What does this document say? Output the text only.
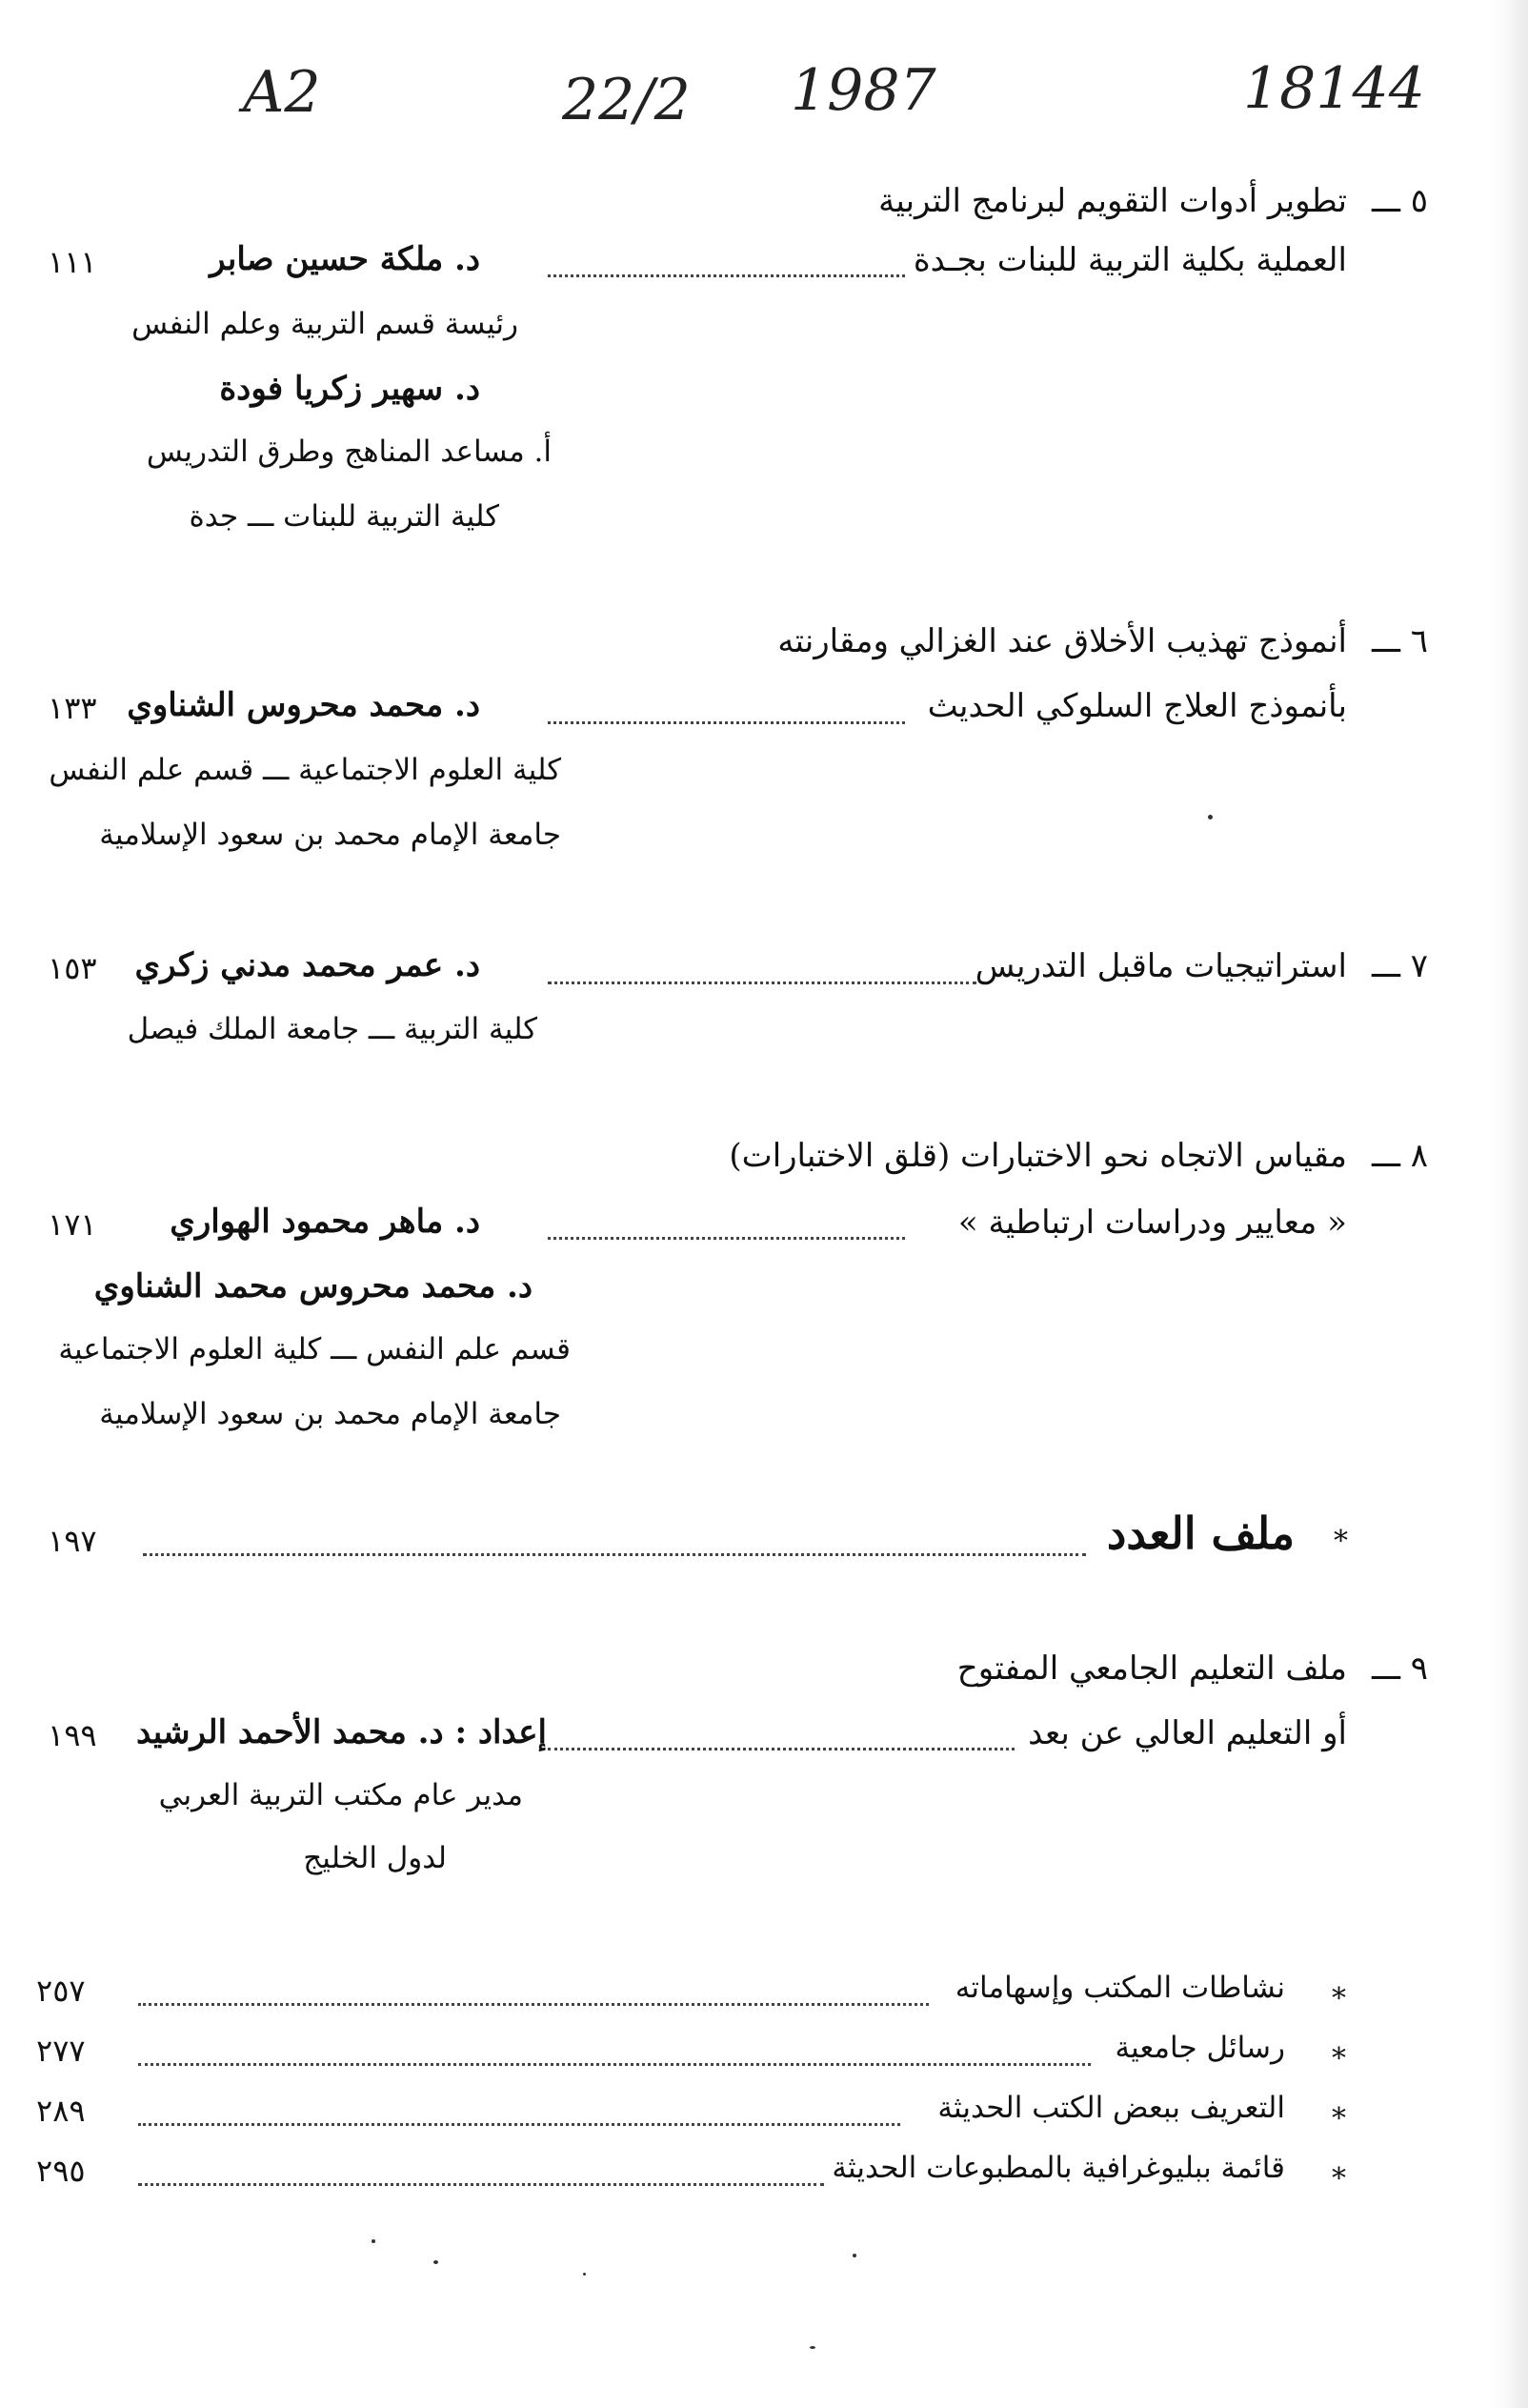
A2	22/2 1987	18144
٥ ـــ
تطوير أدوات التقويم لبرنامج التربية
العملية بكلية التربية للبنات بجـدة
د. ملكة حسين صابر
١١١
رئيسة قسم التربية وعلم النفس
د. سهير زكريا فودة
أ. مساعد المناهج وطرق التدريس
كلية التربية للبنات ـــ جدة
٦ ـــ
أنموذج تهذيب الأخلاق عند الغزالي ومقارنته
بأنموذج العلاج السلوكي الحديث
د. محمد محروس الشناوي
١٣٣
كلية العلوم الاجتماعية ـــ قسم علم النفس
جامعة الإمام محمد بن سعود الإسلامية
٧ ـــ
استراتيجيات ماقبل التدريس
د. عمر محمد مدني زكري
١٥٣
كلية التربية ـــ جامعة الملك فيصل
٨ ـــ
مقياس الاتجاه نحو الاختبارات (قلق الاختبارات)
« معايير ودراسات ارتباطية »
د. ماهر محمود الهواري
١٧١
د. محمد محروس محمد الشناوي
قسم علم النفس ـــ كلية العلوم الاجتماعية
جامعة الإمام محمد بن سعود الإسلامية
*
ملف العدد
١٩٧
٩ ـــ
ملف التعليم الجامعي المفتوح
أو التعليم العالي عن بعد
إعداد : د. محمد الأحمد الرشيد
١٩٩
مدير عام مكتب التربية العربي
لدول الخليج
*
نشاطات المكتب وإسهاماته
٢٥٧
*
رسائل جامعية
٢٧٧
*
التعريف ببعض الكتب الحديثة
٢٨٩
*
قائمة ببليوغرافية بالمطبوعات الحديثة
٢٩٥
